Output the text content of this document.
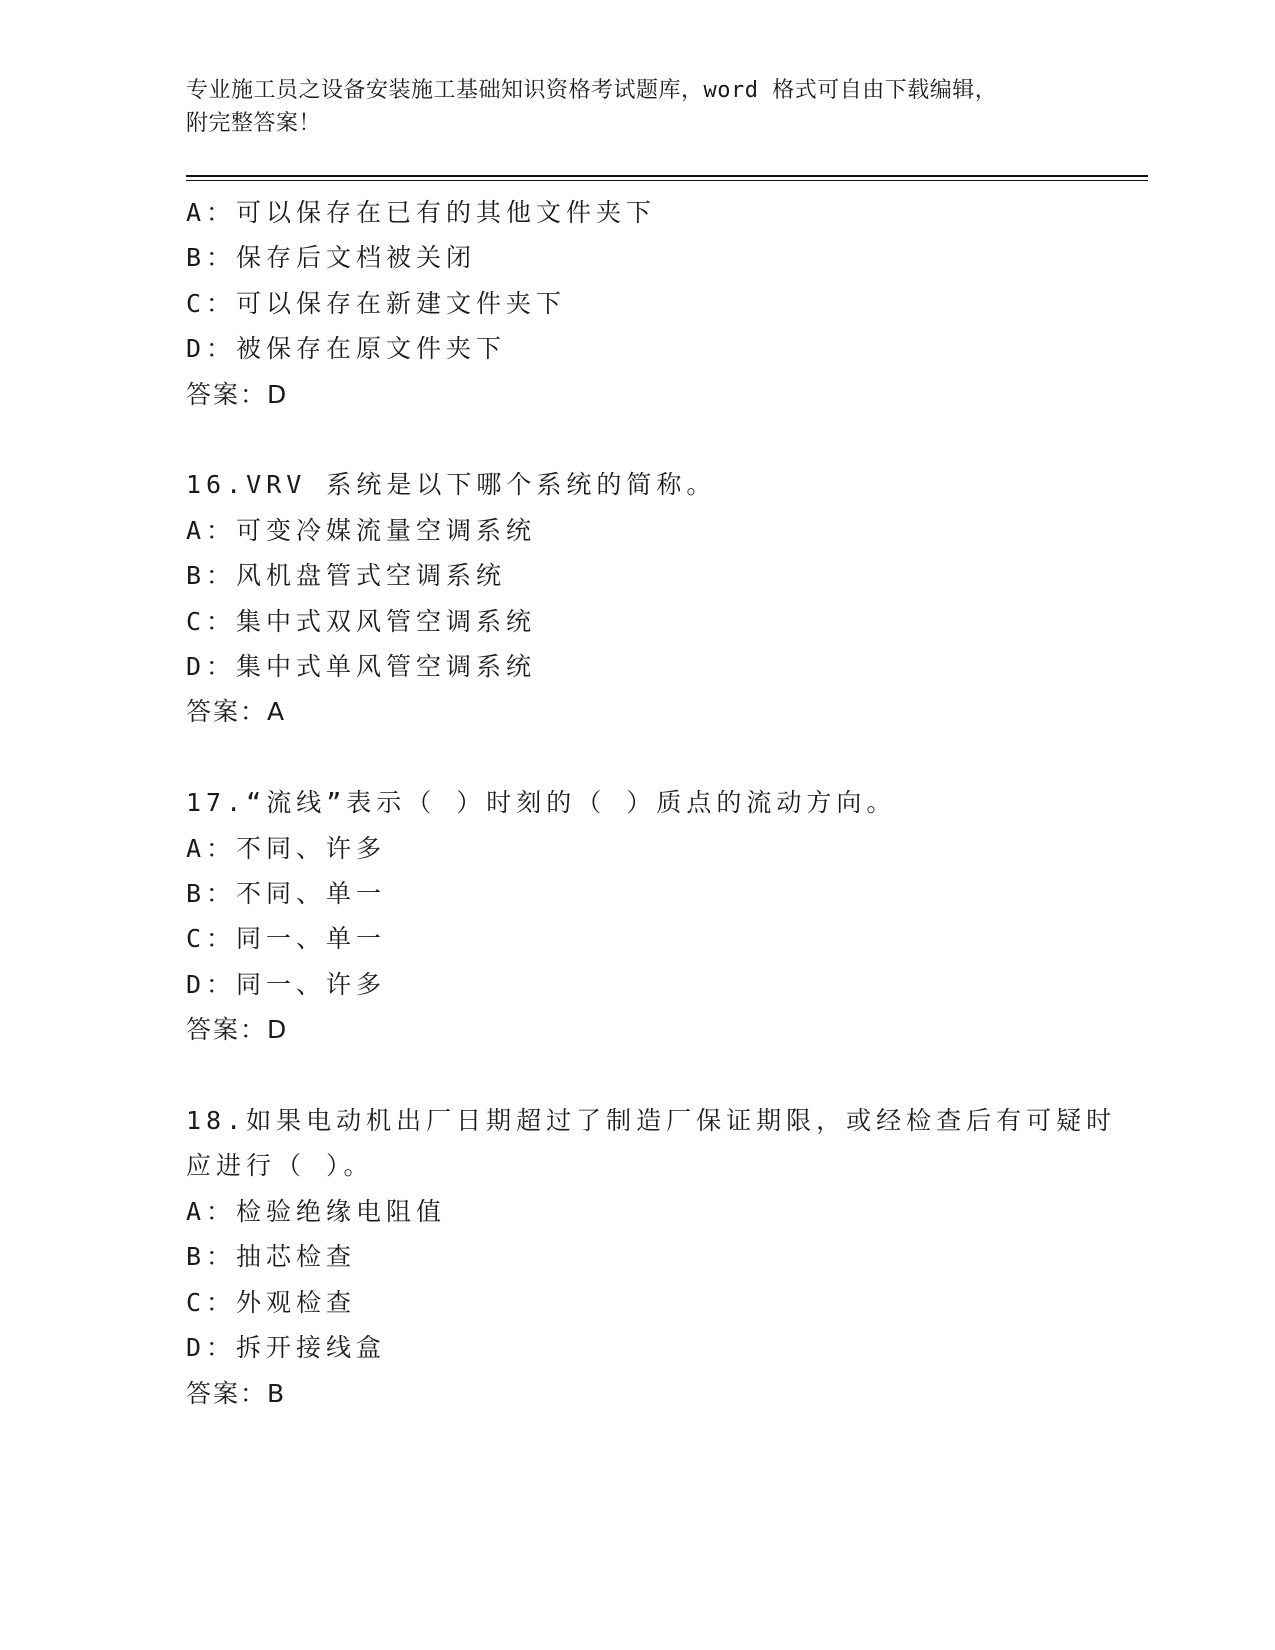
专业施工员之设备安装施工基础知识资格考试题库，word 格式可自由下载编辑，
附完整答案！
A：可以保存在已有的其他文件夹下
B：保存后文档被关闭
C：可以保存在新建文件夹下
D：被保存在原文件夹下
答案：D
16.VRV 系统是以下哪个系统的简称。
A：可变冷媒流量空调系统
B：风机盘管式空调系统
C：集中式双风管空调系统
D：集中式单风管空调系统
答案：A
17.“流线”表示（ ）时刻的（ ）质点的流动方向。
A：不同、许多
B：不同、单一
C：同一、单一
D：同一、许多
答案：D
18.如果电动机出厂日期超过了制造厂保证期限，或经检查后有可疑时
应进行（ ）。
A：检验绝缘电阻值
B：抽芯检查
C：外观检查
D：拆开接线盒
答案：B
